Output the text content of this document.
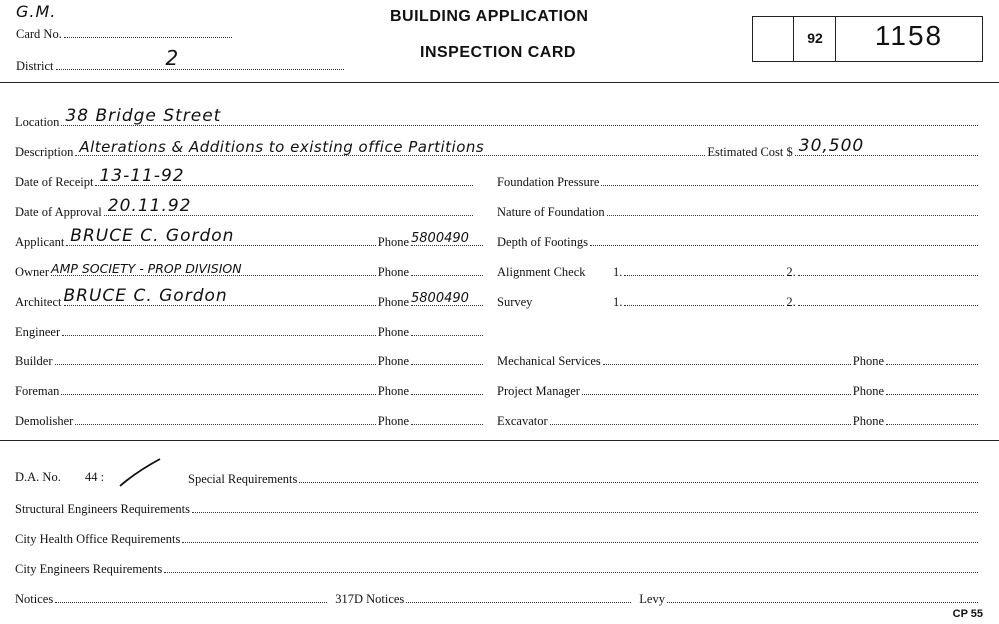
G.M.
Card No.
District	2
BUILDING APPLICATION
INSPECTION CARD
92	1158
Location 38 Bridge Street
Description Alterations & Additions to existing office Partitions	Estimated Cost $ 30,500
Date of Receipt 13-11-92
Date of Approval 20.11.92
Applicant BRUCE C. Gordon	Phone 5800490
Owner AMP SOCIETY - PROP DIVISION	Phone
Architect BRUCE C. Gordon	Phone 5800490
Engineer	Phone
Builder	Phone
Foreman	Phone
Demolisher	Phone
Foundation Pressure
Nature of Foundation
Depth of Footings
Alignment Check	1.	2.
Survey	1.	2.
Mechanical Services	Phone
Project Manager	Phone
Excavator	Phone
D.A. No. 44 :	Special Requirements
Structural Engineers Requirements
City Health Office Requirements
City Engineers Requirements
Notices	317D Notices	Levy
CP 55
